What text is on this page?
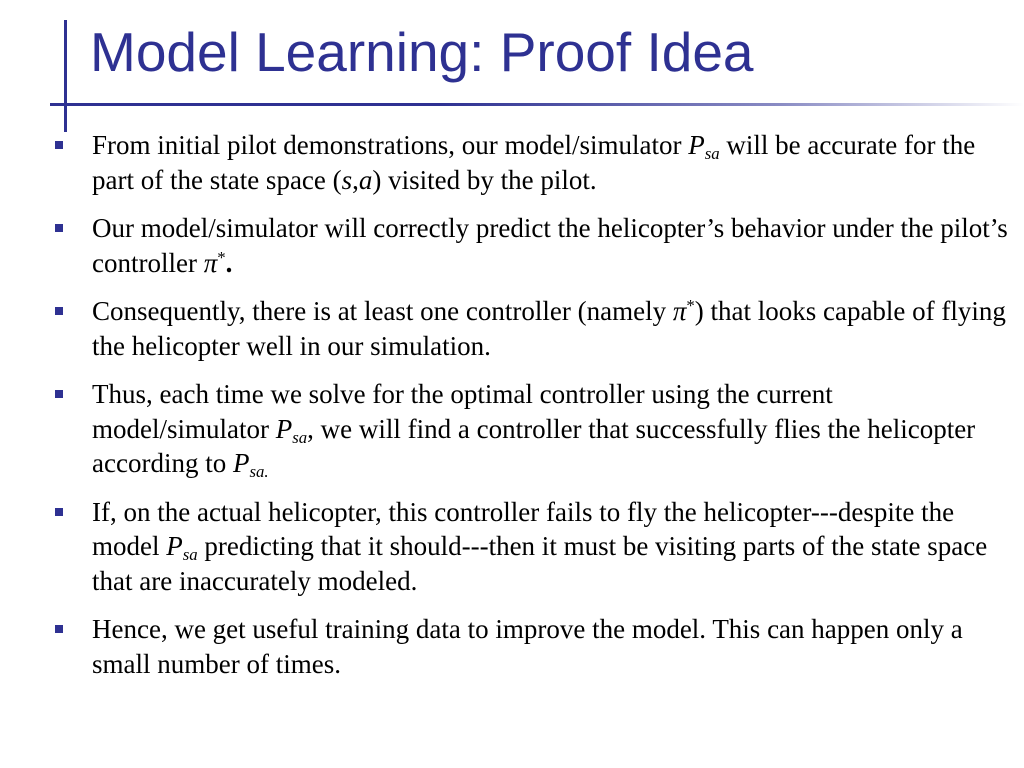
Model Learning: Proof Idea
From initial pilot demonstrations, our model/simulator $P_{sa}$ will be accurate for the part of the state space (s,a) visited by the pilot.
Our model/simulator will correctly predict the helicopter’s behavior under the pilot’s controller π*.
Consequently, there is at least one controller (namely π*) that looks capable of flying the helicopter well in our simulation.
Thus, each time we solve for the optimal controller using the current model/simulator $P_{sa}$, we will find a controller that successfully flies the helicopter according to $P_{sa.}$
If, on the actual helicopter, this controller fails to fly the helicopter---despite the model $P_{sa}$ predicting that it should---then it must be visiting parts of the state space that are inaccurately modeled.
Hence, we get useful training data to improve the model. This can happen only a small number of times.
